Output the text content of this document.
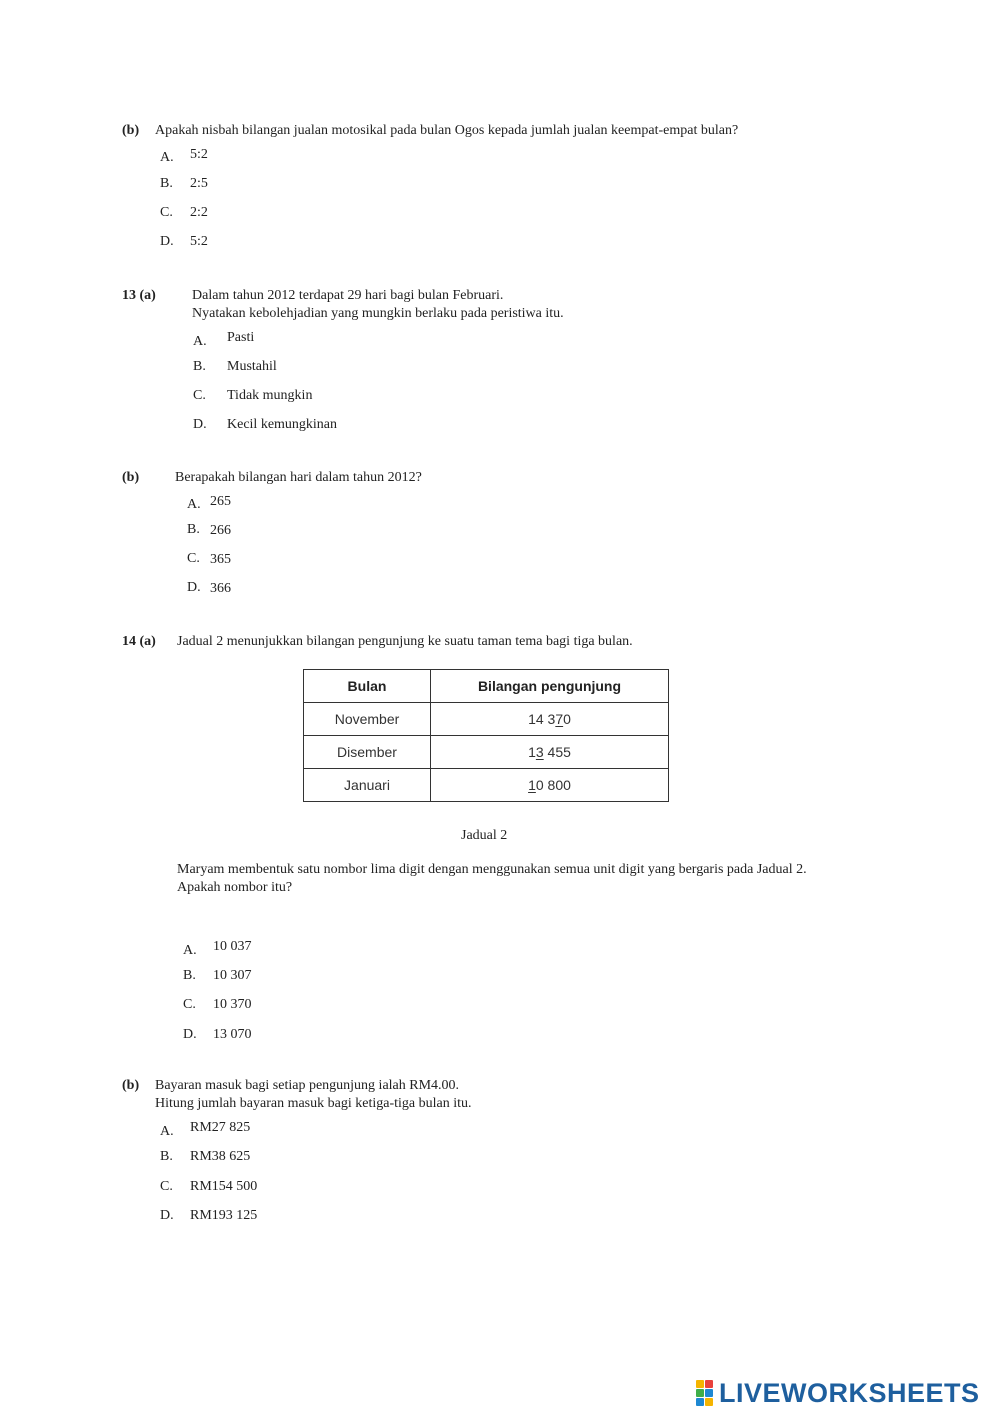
(b) Apakah nisbah bilangan jualan motosikal pada bulan Ogos kepada jumlah jualan keempat-empat bulan?
A. 5:2
B. 2:5
C. 2:2
D. 5:2
13 (a)	Dalam tahun 2012 terdapat 29 hari bagi bulan Februari.
Nyatakan kebolehjadian yang mungkin berlaku pada peristiwa itu.
A. Pasti
B. Mustahil
C. Tidak mungkin
D. Kecil kemungkinan
(b)	Berapakah bilangan hari dalam tahun 2012?
A. 265
B. 266
C. 365
D. 366
14 (a) Jadual 2 menunjukkan bilangan pengunjung ke suatu taman tema bagi tiga bulan.
Bulan	Bilangan pengunjung
November	14 370
Disember	13 455
Januari	10 800
Jadual 2
Maryam membentuk satu nombor lima digit dengan menggunakan semua unit digit yang bergaris pada Jadual 2.
Apakah nombor itu?
A. 10 037
B. 10 307
C. 10 370
D. 13 070
(b) Bayaran masuk bagi setiap pengunjung ialah RM4.00.
Hitung jumlah bayaran masuk bagi ketiga-tiga bulan itu.
A. RM27 825
B. RM38 625
C. RM154 500
D. RM193 125
LIVEWORKSHEETS
